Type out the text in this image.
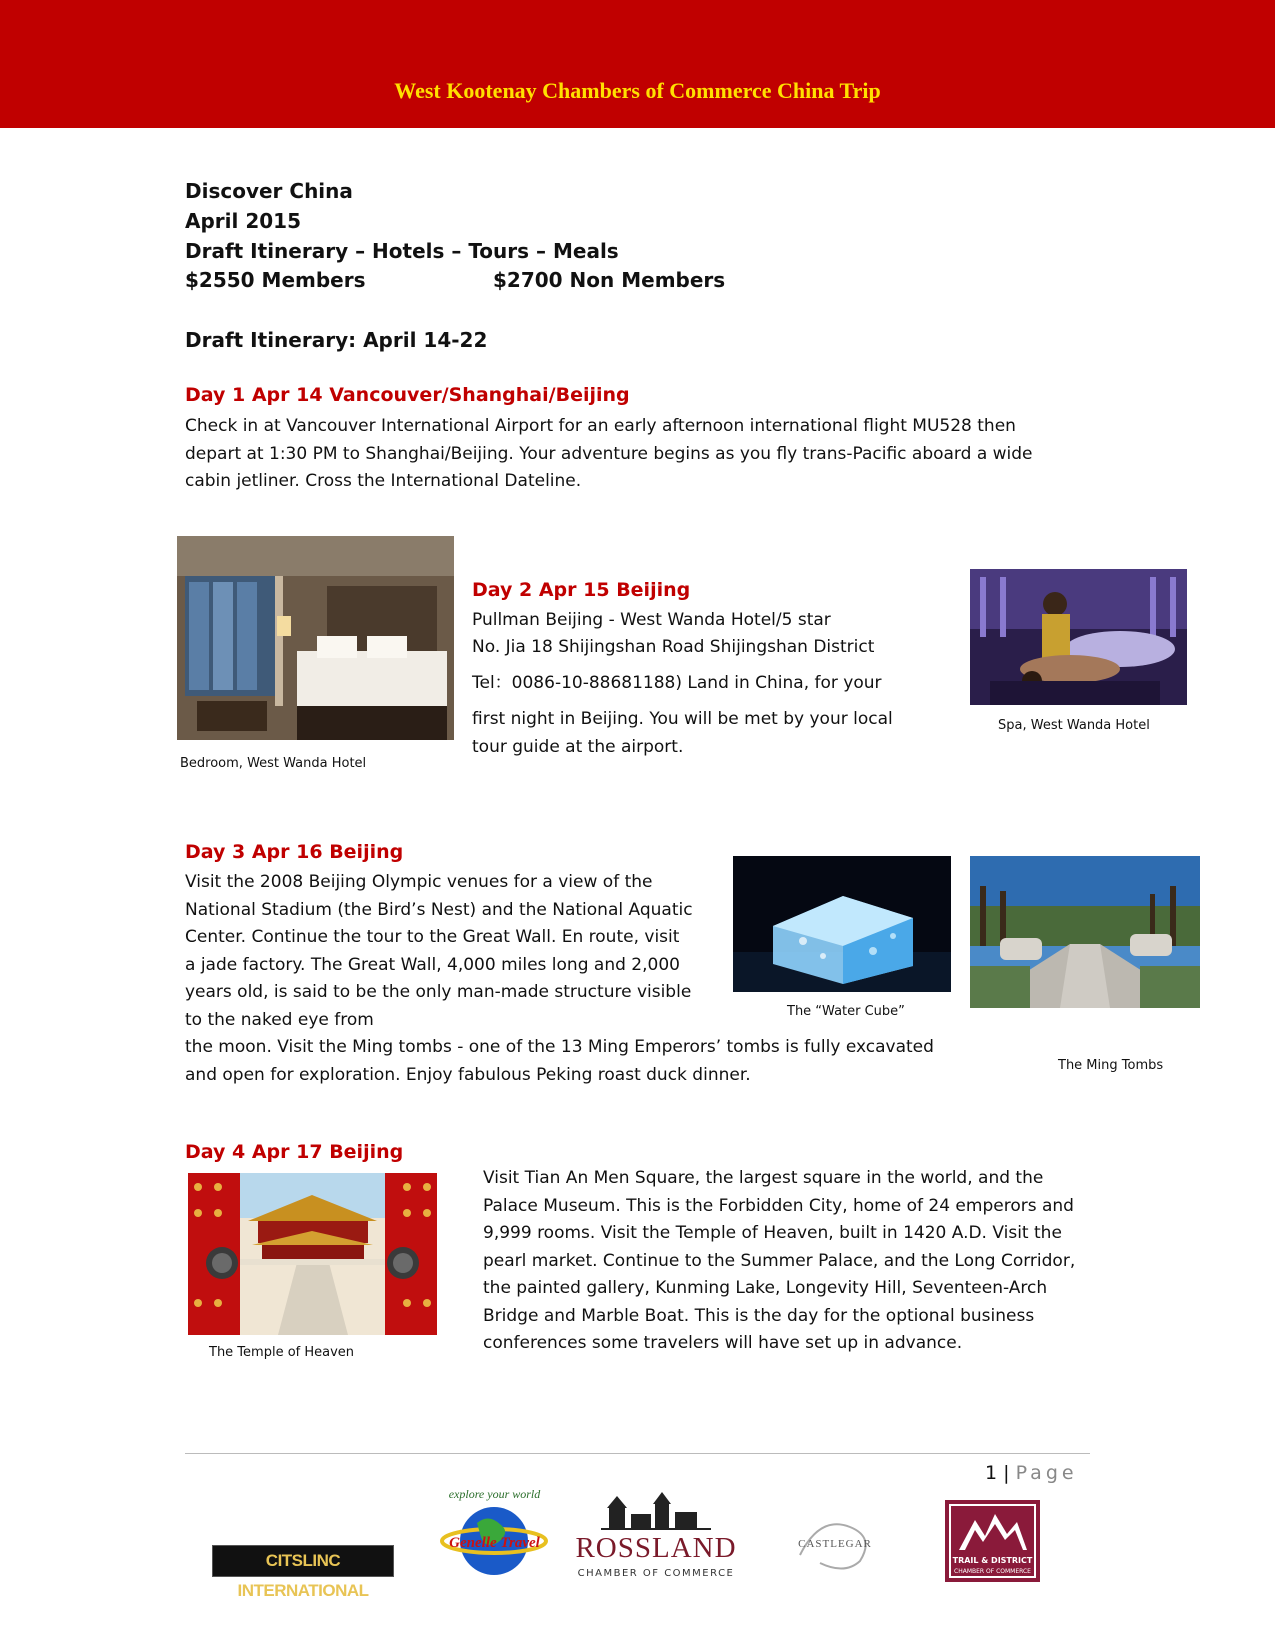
West Kootenay Chambers of Commerce China Trip
Discover China
April 2015
Draft Itinerary – Hotels – Tours – Meals
$2550 Members	$2700 Non Members
Draft Itinerary: April 14-22
Day 1 Apr 14 Vancouver/Shanghai/Beijing
Check in at Vancouver International Airport for an early afternoon international flight MU528 then depart at 1:30 PM to Shanghai/Beijing. Your adventure begins as you fly trans-Pacific aboard a wide cabin jetliner. Cross the International Dateline.
Bedroom, West Wanda Hotel
Day 2 Apr 15 Beijing
Pullman Beijing - West Wanda Hotel/5 star
No. Jia 18 Shijingshan Road Shijingshan District
Tel：0086-10-88681188) Land in China, for your
first night in Beijing. You will be met by your local
tour guide at the airport.
Spa, West Wanda Hotel
Day 3 Apr 16 Beijing
Visit the 2008 Beijing Olympic venues for a view of the National Stadium (the Bird’s Nest) and the National Aquatic Center. Continue the tour to the Great Wall. En route, visit a jade factory. The Great Wall, 4,000 miles long and 2,000 years old, is said to be the only man-made structure visible to the naked eye from
the moon. Visit the Ming tombs - one of the 13 Ming Emperors’ tombs is fully excavated and open for exploration. Enjoy fabulous Peking roast duck dinner.
The “Water Cube”
The Ming Tombs
Day 4 Apr 17 Beijing
The Temple of Heaven
Visit Tian An Men Square, the largest square in the world, and the Palace Museum. This is the Forbidden City, home of 24 emperors and 9,999 rooms. Visit the Temple of Heaven, built in 1420 A.D. Visit the pearl market. Continue to the Summer Palace, and the Long Corridor, the painted gallery, Kunming Lake, Longevity Hill, Seventeen-Arch Bridge and Marble Boat. This is the day for the optional business conferences some travelers will have set up in advance.
1 | Page
CITSLINC INTERNATIONAL
explore your world
Genelle Travel	ROSSLAND
CHAMBER OF COMMERCE
CASTLEGAR
TRAIL & DISTRICT
CHAMBER OF COMMERCE
